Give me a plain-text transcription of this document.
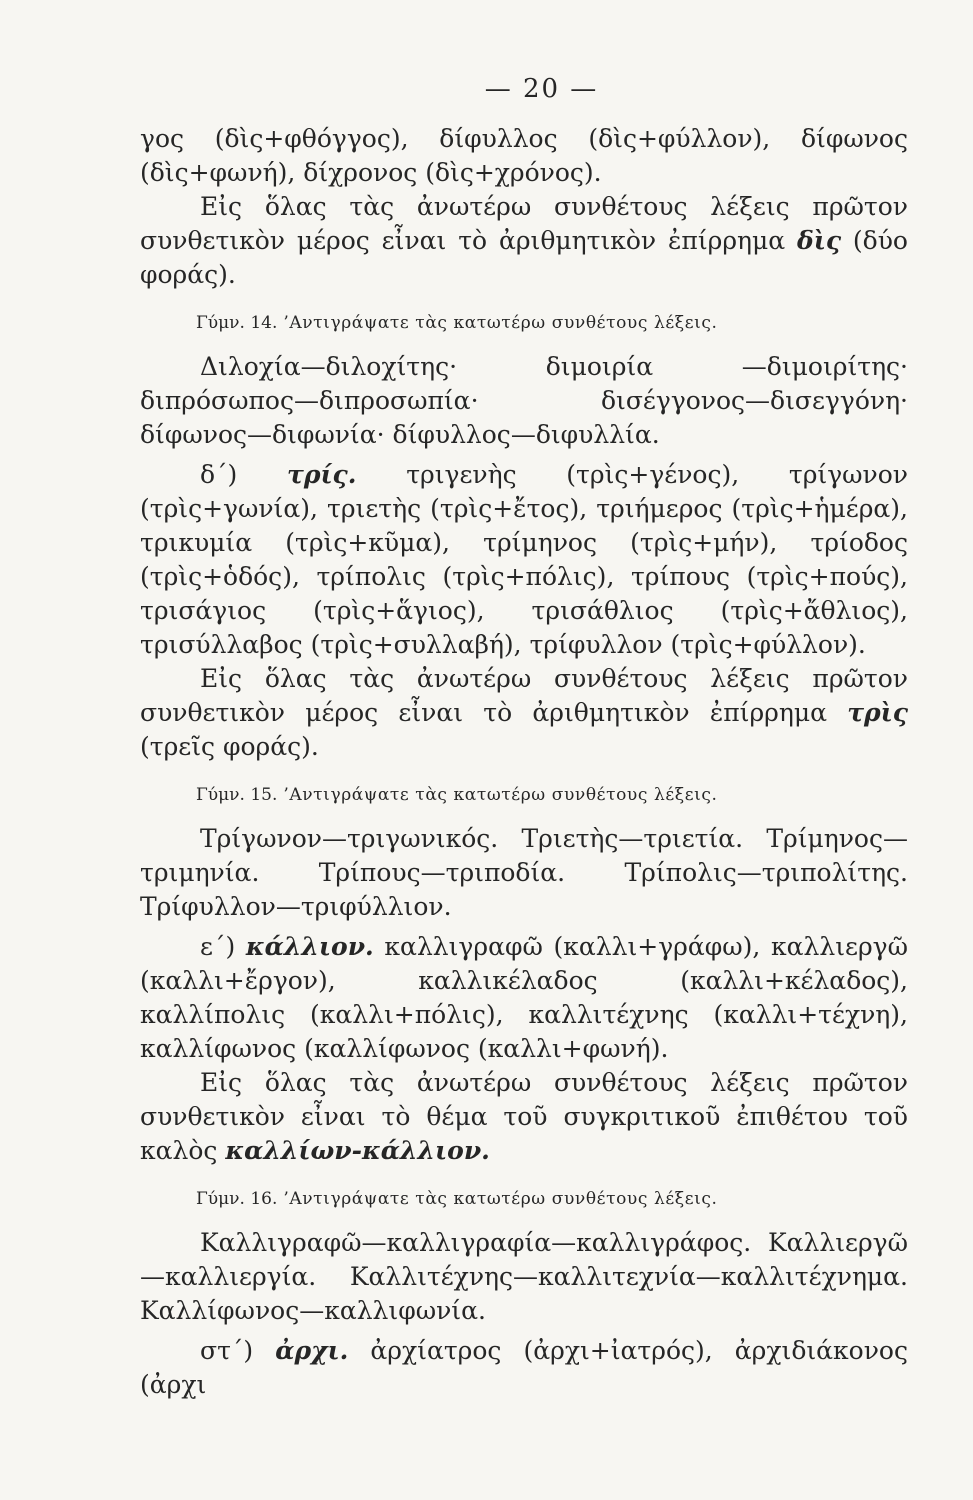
— 20 —

γος (δὶς+φθόγγος), δίφυλλος (δὶς+φύλλον), δίφωνος (δὶς+φωνή), δίχρονος (δὶς+χρόνος).

Εἰς ὅλας τὰς ἀνωτέρω συνθέτους λέξεις πρῶτον συνθετικὸν μέρος εἶναι τὸ ἀριθμητικὸν ἐπίρρημα δὶς (δύο φοράς).

Γύμν. 14. ’Αντιγράψατε τὰς κατωτέρω συνθέτους λέξεις.

Διλοχία—διλοχίτης· διμοιρία —διμοιρίτης· διπρόσωπος—διπροσωπία· δισέγγονος—δισεγγόνη· δίφωνος—διφωνία· δίφυλλος—διφυλλία.

δ΄) τρίς. τριγενὴς (τρὶς+γένος), τρίγωνον (τρὶς+γωνία), τριετὴς (τρὶς+ἔτος), τριήμερος (τρὶς+ἡμέρα), τρικυμία (τρὶς+κῦμα), τρίμηνος (τρὶς+μήν), τρίοδος (τρὶς+ὁδός), τρίπολις (τρὶς+πόλις), τρίπους (τρὶς+πούς), τρισάγιος (τρὶς+ἅγιος), τρισάθλιος (τρὶς+ἄθλιος), τρισύλλαβος (τρὶς+συλλαβή), τρίφυλλον (τρὶς+φύλλον).

Εἰς ὅλας τὰς ἀνωτέρω συνθέτους λέξεις πρῶτον συνθετικὸν μέρος εἶναι τὸ ἀριθμητικὸν ἐπίρρημα τρὶς (τρεῖς φοράς).

Γύμν. 15. ’Αντιγράψατε τὰς κατωτέρω συνθέτους λέξεις.

Τρίγωνον—τριγωνικός. Τριετὴς—τριετία. Τρίμηνος—τριμηνία. Τρίπους—τριποδία. Τρίπολις—τριπολίτης. Τρίφυλλον—τριφύλλιον.

ε΄) κάλλιον. καλλιγραφῶ (καλλι+γράφω), καλλιεργῶ (καλλι+ἔργον), καλλικέλαδος (καλλι+κέλαδος), καλλίπολις (καλλι+πόλις), καλλιτέχνης (καλλι+τέχνη), καλλίφωνος (καλλίφωνος (καλλι+φωνή).

Εἰς ὅλας τὰς ἀνωτέρω συνθέτους λέξεις πρῶτον συνθετικὸν εἶναι τὸ θέμα τοῦ συγκριτικοῦ ἐπιθέτου τοῦ καλὸς καλλίων-κάλλιον.

Γύμν. 16. ’Αντιγράψατε τὰς κατωτέρω συνθέτους λέξεις.

Καλλιγραφῶ—καλλιγραφία—καλλιγράφος. Καλλιεργῶ—καλλιεργία. Καλλιτέχνης—καλλιτεχνία—καλλιτέχνημα. Καλλίφωνος—καλλιφωνία.

στ΄) ἀρχι. ἀρχίατρος (ἀρχι+ἰατρός), ἀρχιδιάκονος (ἀρχι
